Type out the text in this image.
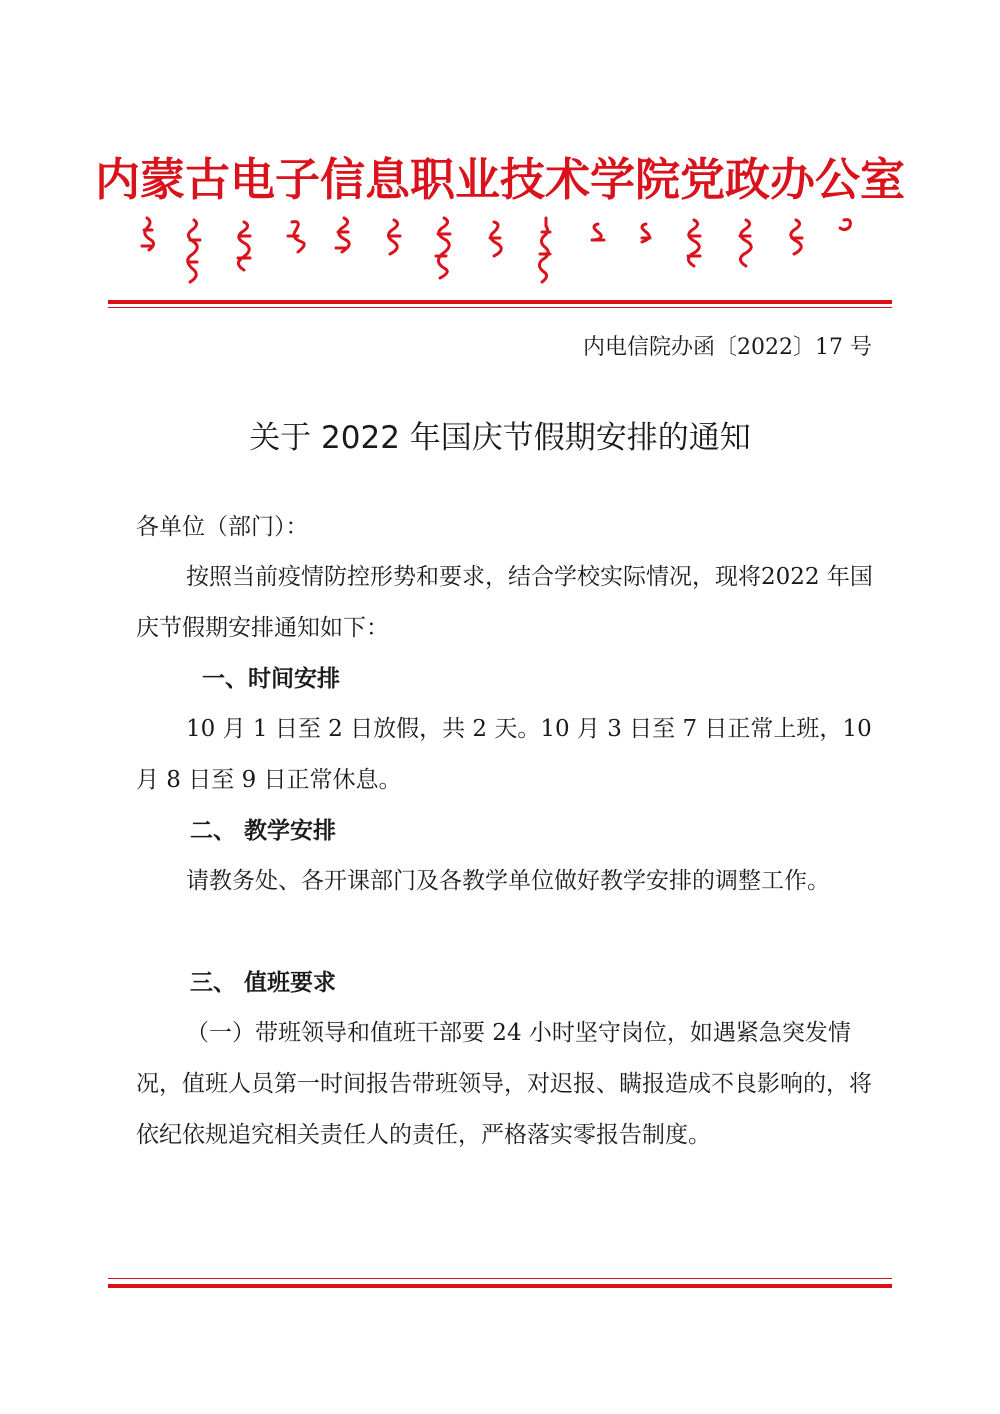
内蒙古电子信息职业技术学院党政办公室
内电信院办函〔2022〕17 号
关于 2022 年国庆节假期安排的通知
各单位（部门）：
按照当前疫情防控形势和要求，结合学校实际情况，现将2022 年国庆节假期安排通知如下：
一、时间安排
10 月 1 日至 2 日放假，共 2 天。10 月 3 日至 7 日正常上班，10 月 8 日至 9 日正常休息。
二、 教学安排
请教务处、各开课部门及各教学单位做好教学安排的调整工作。
三、 值班要求
（一）带班领导和值班干部要 24 小时坚守岗位，如遇紧急突发情况，值班人员第一时间报告带班领导，对迟报、瞒报造成不良影响的，将依纪依规追究相关责任人的责任，严格落实零报告制度。
